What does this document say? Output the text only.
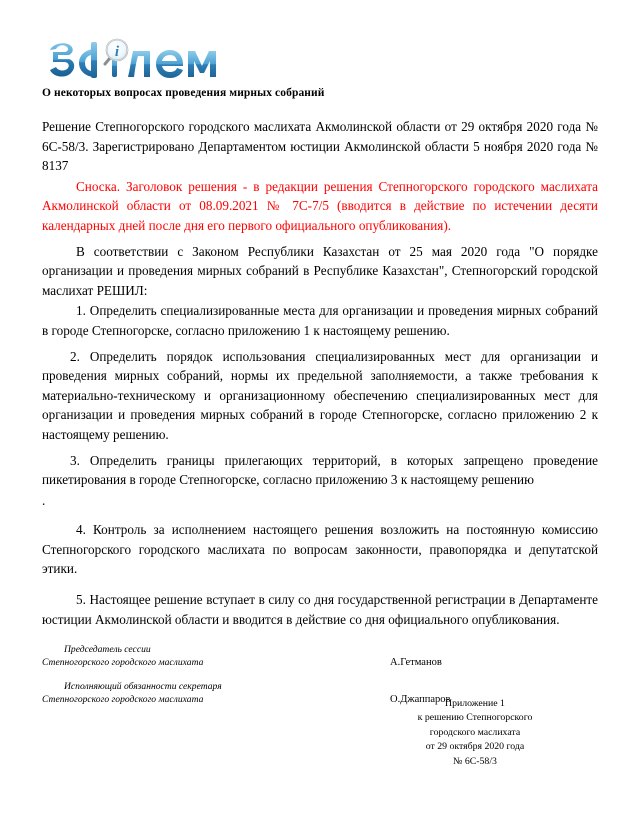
i
О некоторых вопросах проведения мирных собраний

Решение Степногорского городского маслихата Акмолинской области от 29 октября 2020 года № 6С-58/3. Зарегистрировано Департаментом юстиции Акмолинской области 5 ноября 2020 года № 8137

Сноска. Заголовок решения - в редакции решения Степногорского городского маслихата Акмолинской области от 08.09.2021 № 7С-7/5 (вводится в действие по истечении десяти календарных дней после дня его первого официального опубликования).

В соответствии с Законом Республики Казахстан от 25 мая 2020 года "О порядке организации и проведения мирных собраний в Республике Казахстан", Степногорский городской маслихат РЕШИЛ:

1. Определить специализированные места для организации и проведения мирных собраний в городе Степногорске, согласно приложению 1 к настоящему решению.

2. Определить порядок использования специализированных мест для организации и проведения мирных собраний, нормы их предельной заполняемости, а также требования к материально-техническому и организационному обеспечению специализированных мест для организации и проведения мирных собраний в городе Степногорске, согласно приложению 2 к настоящему решению.

3. Определить границы прилегающих территорий, в которых запрещено проведение пикетирования в городе Степногорске, согласно приложению 3 к настоящему решению

.

4. Контроль за исполнением настоящего решения возложить на постоянную комиссию Степногорского городского маслихата по вопросам законности, правопорядка и депутатской этики.

5. Настоящее решение вступает в силу со дня государственной регистрации в Департаменте юстиции Акмолинской области и вводится в действие со дня официального опубликования.

Председатель сессии
Степногорского городского маслихата	А.Гетманов
Исполняющий обязанности секретаря
Степногорского городского маслихата	О.Джаппаров
Приложение 1
к решению Степногорского
городского маслихата
от 29 октября 2020 года
№ 6С-58/3
